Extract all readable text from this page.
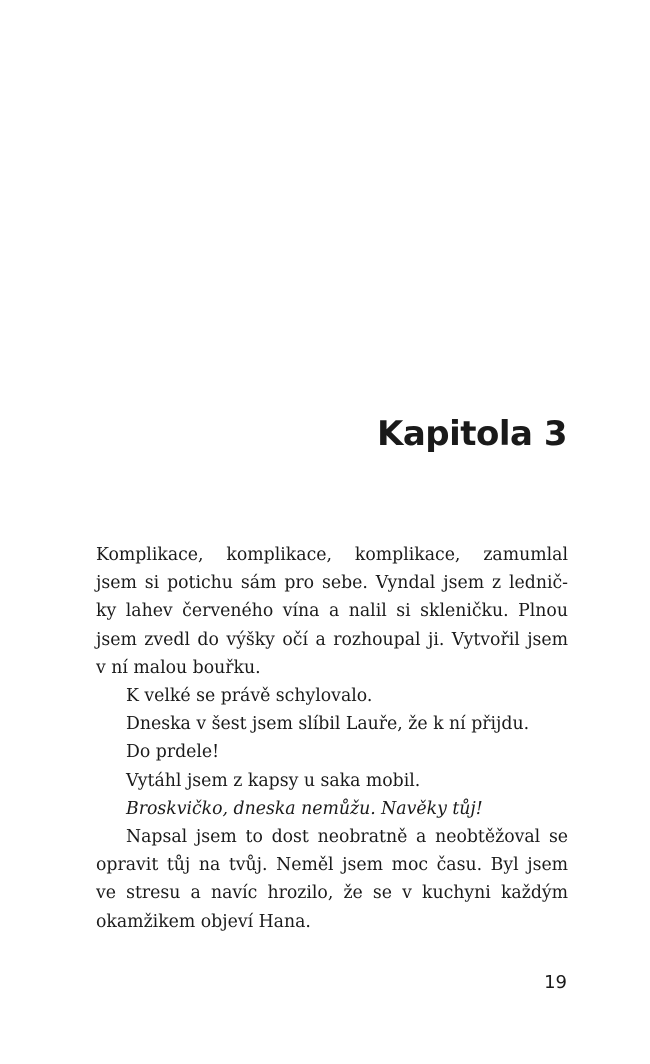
Kapitola 3

Komplikace, komplikace, komplikace, zamumlal
jsem si potichu sám pro sebe. Vyndal jsem z lednič-
ky lahev červeného vína a nalil si skleničku. Plnou
jsem zvedl do výšky očí a rozhoupal ji. Vytvořil jsem
v ní malou bouřku.

K velké se právě schylovalo.

Dneska v šest jsem slíbil Lauře, že k ní přijdu.

Do prdele!

Vytáhl jsem z kapsy u saka mobil.

Broskvičko, dneska nemůžu. Navěky tůj!

Napsal jsem to dost neobratně a neobtěžoval se
opravit tůj na tvůj. Neměl jsem moc času. Byl jsem
ve stresu a navíc hrozilo, že se v kuchyni každým
okamžikem objeví Hana.

19
